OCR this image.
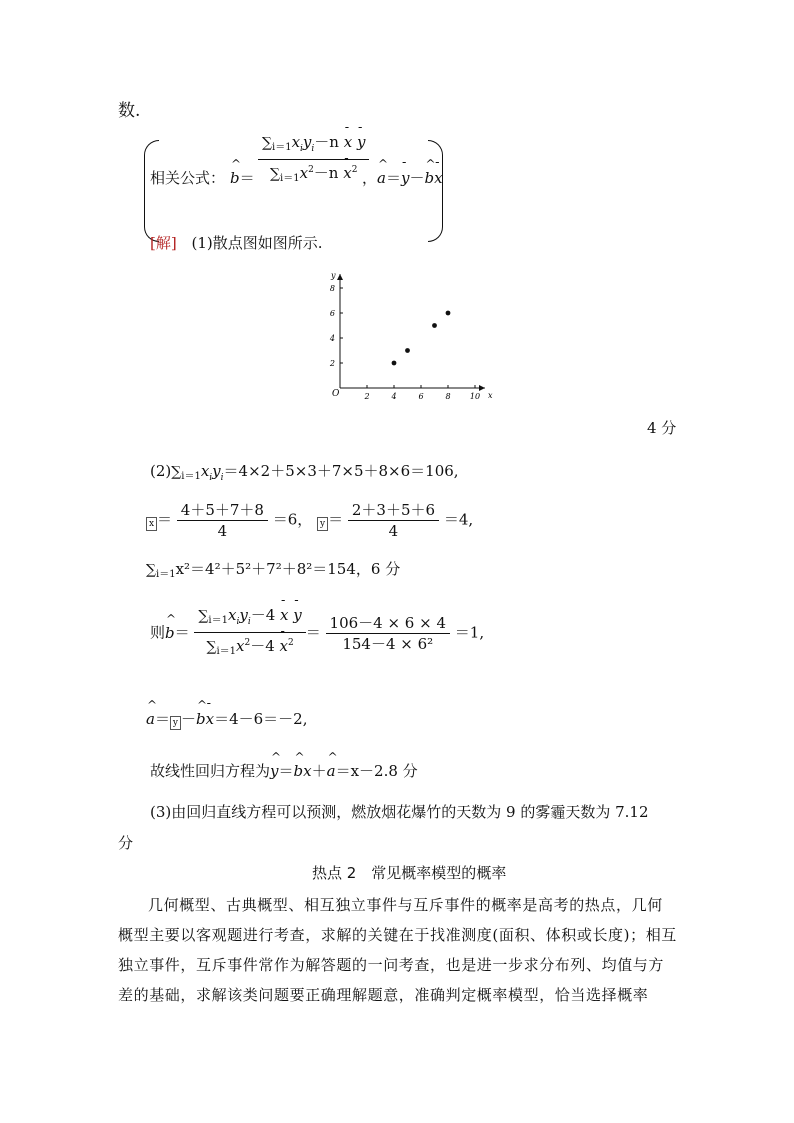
数.
相关公式： ^ $b= \frac{\sum_{i=1}x_iy_i-n - x - y}{\sum_{i=1}x^2-n - x^2}$
，^ a＝- y－^ b- x
[解] (1)散点图如图所示.
2	4	6	8 10
2
4
6
8
O	x
y
4 分
$(2)\sum_{i=1}x_iy_i=4\times 2+5\times 3+7\times 5+8\times 6=106$,
$x = \frac{4+5+7+8}{4} =6$， $y = \frac{2+3+5+6}{4} =4$,
$\sum_{i=1}x^2=4^2+5^2+7^2+8^2=154$，6 分
则^ $b= \frac{\sum_{i=1}x_iy_i-4 - x - y}{\sum_{i=1}x^2-4 - x^2} = \frac{106-4 \times 6 \times 4}{\text{154－4 × 6²}} =1$,
^ a＝ y －^ b- x＝4－6＝－2,
故线性回归方程为^ y＝^ bx＋^ a＝x－2.8 分
(3)由回归直线方程可以预测，燃放烟花爆竹的天数为 9 的雾霾天数为 7.12
分
热点 2　常见概率模型的概率
几何概型、古典概型、相互独立事件与互斥事件的概率是高考的热点，几何概型主要以客观题进行考查，求解的关键在于找准测度(面积、体积或长度)；相互独立事件，互斥事件常作为解答题的一问考查，也是进一步求分布列、均值与方差的基础，求解该类问题要正确理解题意，准确判定概率模型，恰当选择概率
